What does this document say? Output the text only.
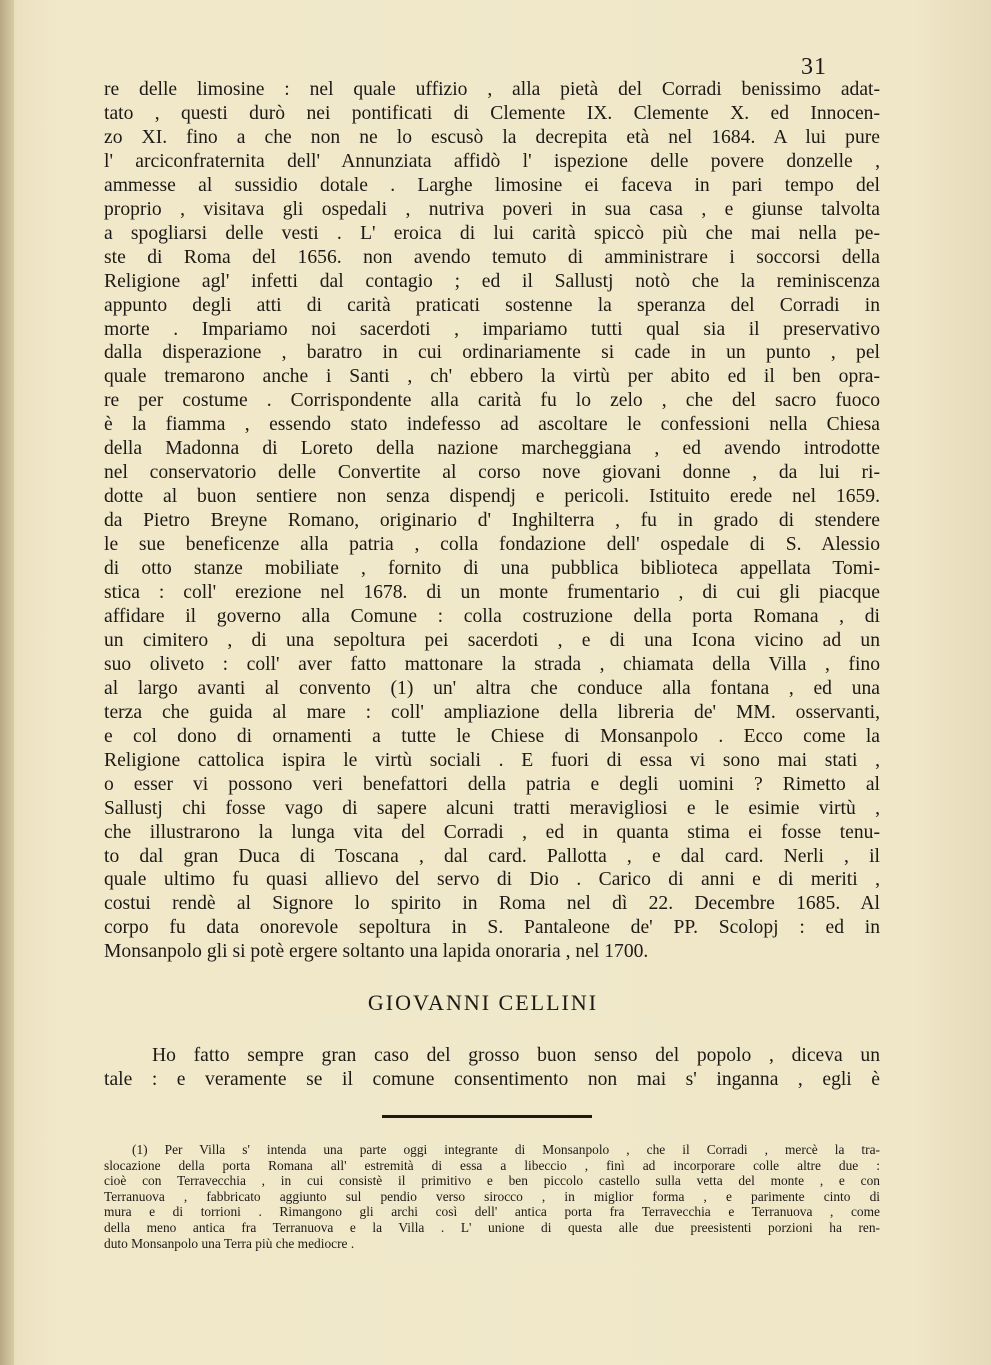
31
re delle limosine : nel quale uffizio , alla pietà del Corradi benissimo adat-
tato , questi durò nei pontificati di Clemente IX. Clemente X. ed Innocen-
zo XI. fino a che non ne lo escusò la decrepita età nel 1684. A lui pure
l' arciconfraternita dell' Annunziata affidò l' ispezione delle povere donzelle ,
ammesse al sussidio dotale . Larghe limosine ei faceva in pari tempo del
proprio , visitava gli ospedali , nutriva poveri in sua casa , e giunse talvolta
a spogliarsi delle vesti . L' eroica di lui carità spiccò più che mai nella pe-
ste di Roma del 1656. non avendo temuto di amministrare i soccorsi della
Religione agl' infetti dal contagio ; ed il Sallustj notò che la reminiscenza
appunto degli atti di carità praticati sostenne la speranza del Corradi in
morte . Impariamo noi sacerdoti , impariamo tutti qual sia il preservativo
dalla disperazione , baratro in cui ordinariamente si cade in un punto , pel
quale tremarono anche i Santi , ch' ebbero la virtù per abito ed il ben opra-
re per costume . Corrispondente alla carità fu lo zelo , che del sacro fuoco
è la fiamma , essendo stato indefesso ad ascoltare le confessioni nella Chiesa
della Madonna di Loreto della nazione marcheggiana , ed avendo introdotte
nel conservatorio delle Convertite al corso nove giovani donne , da lui ri-
dotte al buon sentiere non senza dispendj e pericoli. Istituito erede nel 1659.
da Pietro Breyne Romano, originario d' Inghilterra , fu in grado di stendere
le sue beneficenze alla patria , colla fondazione dell' ospedale di S. Alessio
di otto stanze mobiliate , fornito di una pubblica biblioteca appellata Tomi-
stica : coll' erezione nel 1678. di un monte frumentario , di cui gli piacque
affidare il governo alla Comune : colla costruzione della porta Romana , di
un cimitero , di una sepoltura pei sacerdoti , e di una Icona vicino ad un
suo oliveto : coll' aver fatto mattonare la strada , chiamata della Villa , fino
al largo avanti al convento (1) un' altra che conduce alla fontana , ed una
terza che guida al mare : coll' ampliazione della libreria de' MM. osservanti,
e col dono di ornamenti a tutte le Chiese di Monsanpolo . Ecco come la
Religione cattolica ispira le virtù sociali . E fuori di essa vi sono mai stati ,
o esser vi possono veri benefattori della patria e degli uomini ? Rimetto al
Sallustj chi fosse vago di sapere alcuni tratti meravigliosi e le esimie virtù ,
che illustrarono la lunga vita del Corradi , ed in quanta stima ei fosse tenu-
to dal gran Duca di Toscana , dal card. Pallotta , e dal card. Nerli , il
quale ultimo fu quasi allievo del servo di Dio . Carico di anni e di meriti ,
costui rendè al Signore lo spirito in Roma nel dì 22. Decembre 1685. Al
corpo fu data onorevole sepoltura in S. Pantaleone de' PP. Scolopj : ed in
Monsanpolo gli si potè ergere soltanto una lapida onoraria , nel 1700.
GIOVANNI CELLINI
Ho fatto sempre gran caso del grosso buon senso del popolo , diceva un
tale : e veramente se il comune consentimento non mai s' inganna , egli è
(1) Per Villa s' intenda una parte oggi integrante di Monsanpolo , che il Corradi , mercè la tra-
slocazione della porta Romana all' estremità di essa a libeccio , finì ad incorporare colle altre due :
cioè con Terravecchia , in cui consistè il primitivo e ben piccolo castello sulla vetta del monte , e con
Terranuova , fabbricato aggiunto sul pendio verso sirocco , in miglior forma , e parimente cinto di
mura e di torrioni . Rimangono gli archi così dell' antica porta fra Terravecchia e Terranuova , come
della meno antica fra Terranuova e la Villa . L' unione di questa alle due preesistenti porzioni ha ren-
duto Monsanpolo una Terra più che mediocre .
